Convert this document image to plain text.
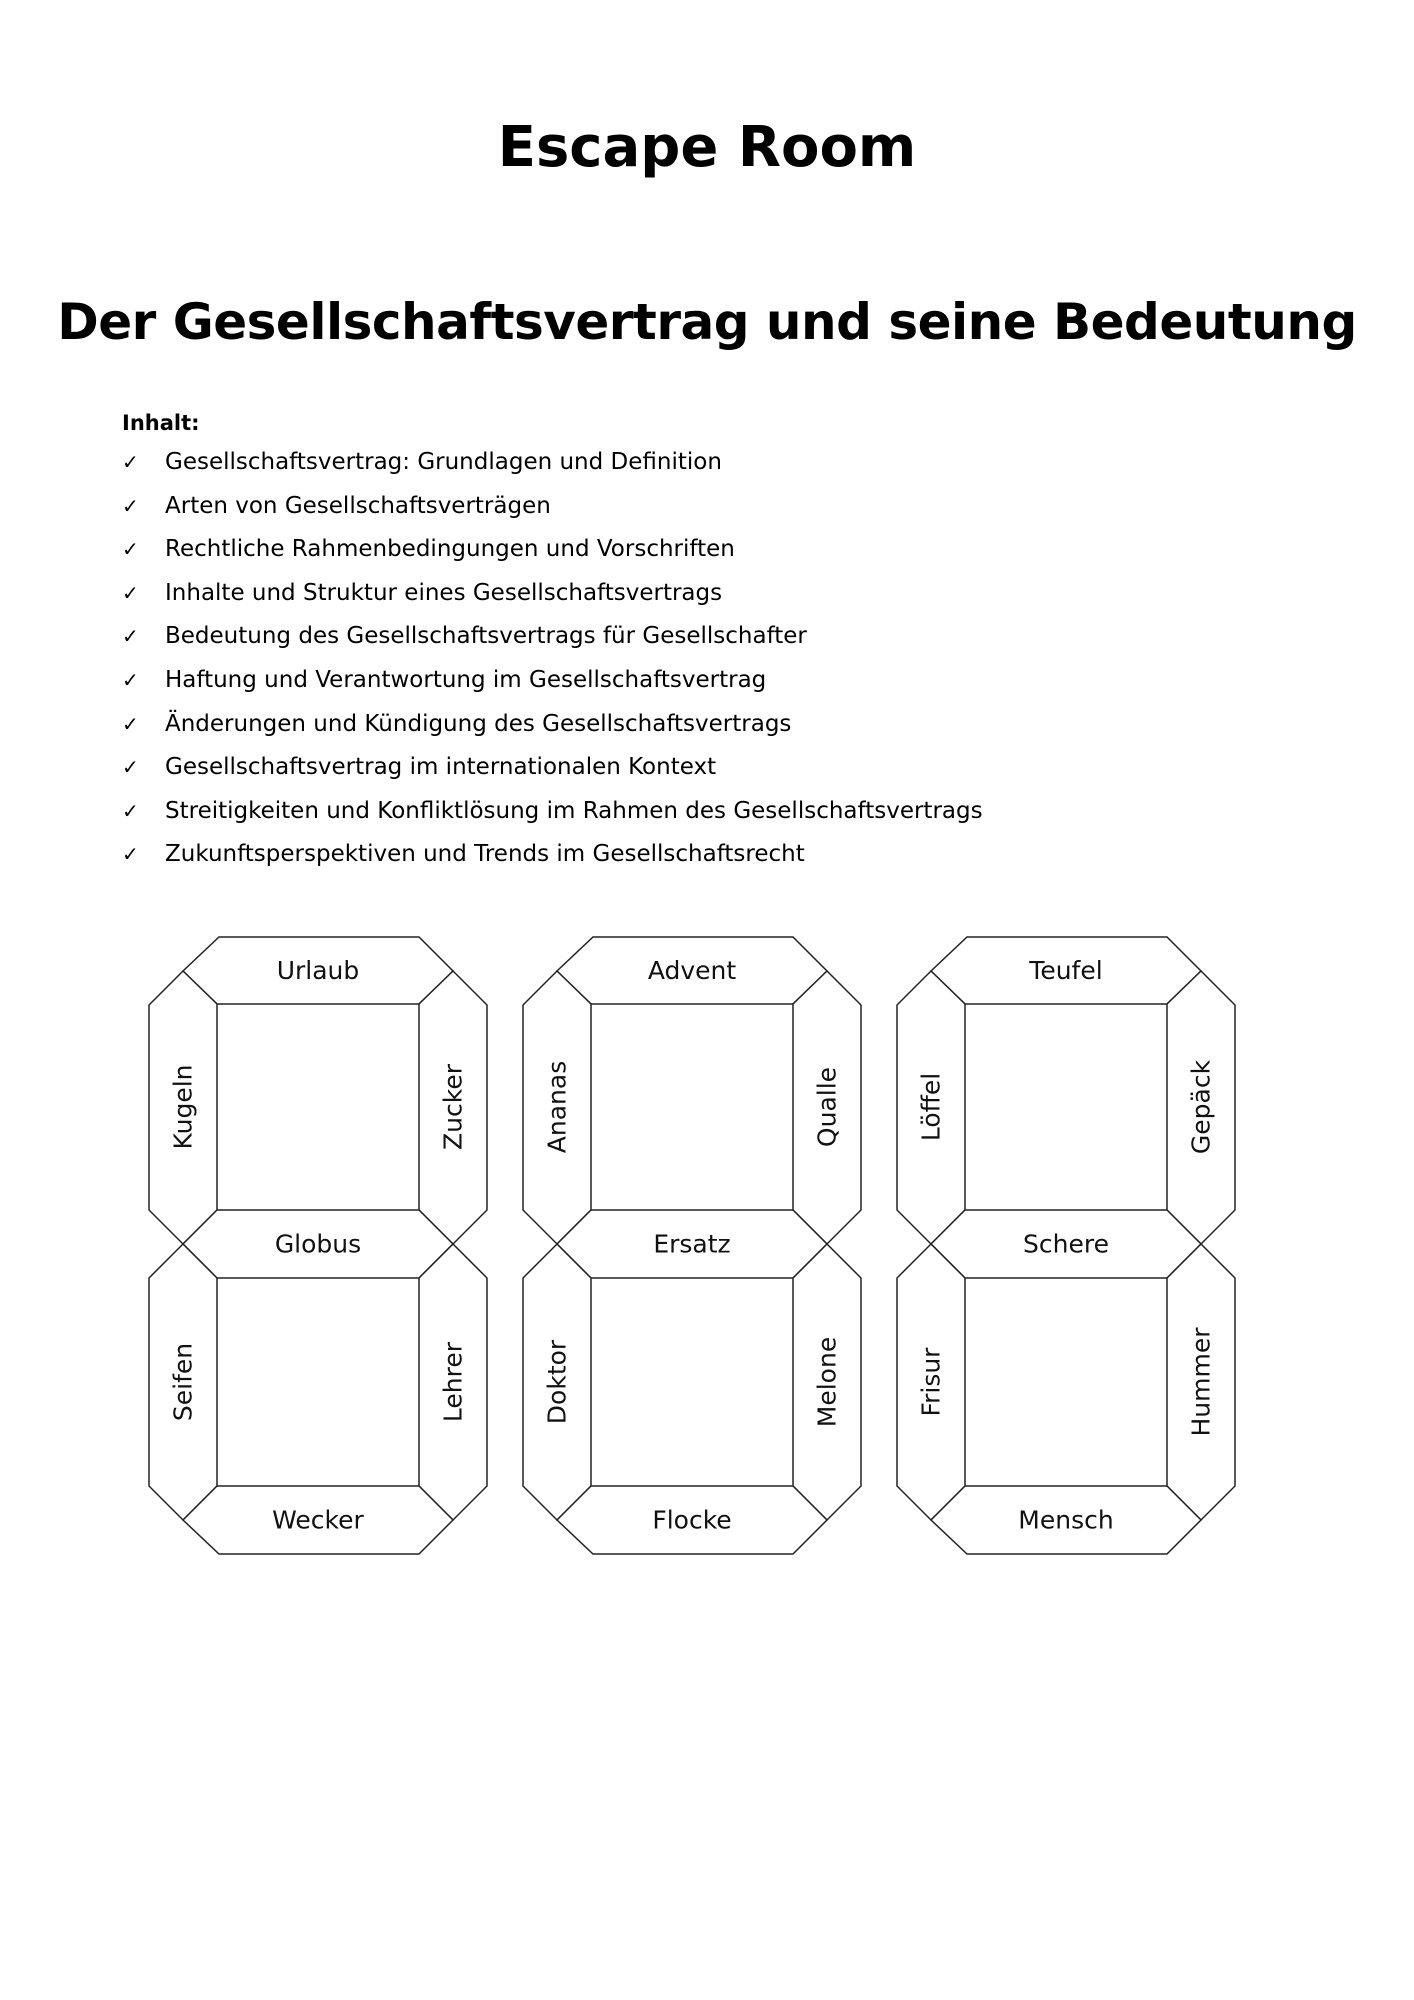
Escape Room
Der Gesellschaftsvertrag und seine Bedeutung
Inhalt:
✓	Gesellschaftsvertrag: Grundlagen und Definition
✓	Arten von Gesellschaftsverträgen
✓	Rechtliche Rahmenbedingungen und Vorschriften
✓	Inhalte und Struktur eines Gesellschaftsvertrags
✓	Bedeutung des Gesellschaftsvertrags für Gesellschafter
✓	Haftung und Verantwortung im Gesellschaftsvertrag
✓	Änderungen und Kündigung des Gesellschaftsvertrags
✓	Gesellschaftsvertrag im internationalen Kontext
✓	Streitigkeiten und Konfliktlösung im Rahmen des Gesellschaftsvertrags
✓	Zukunftsperspektiven und Trends im Gesellschaftsrecht
Urlaub
Kugeln	Zucker
Globus
Seifen	Lehrer
Wecker
Advent
Ananas	Qualle
Ersatz
Doktor	Melone
Flocke
Teufel
Löffel	Gepäck
Schere
Frisur	Hummer
Mensch
